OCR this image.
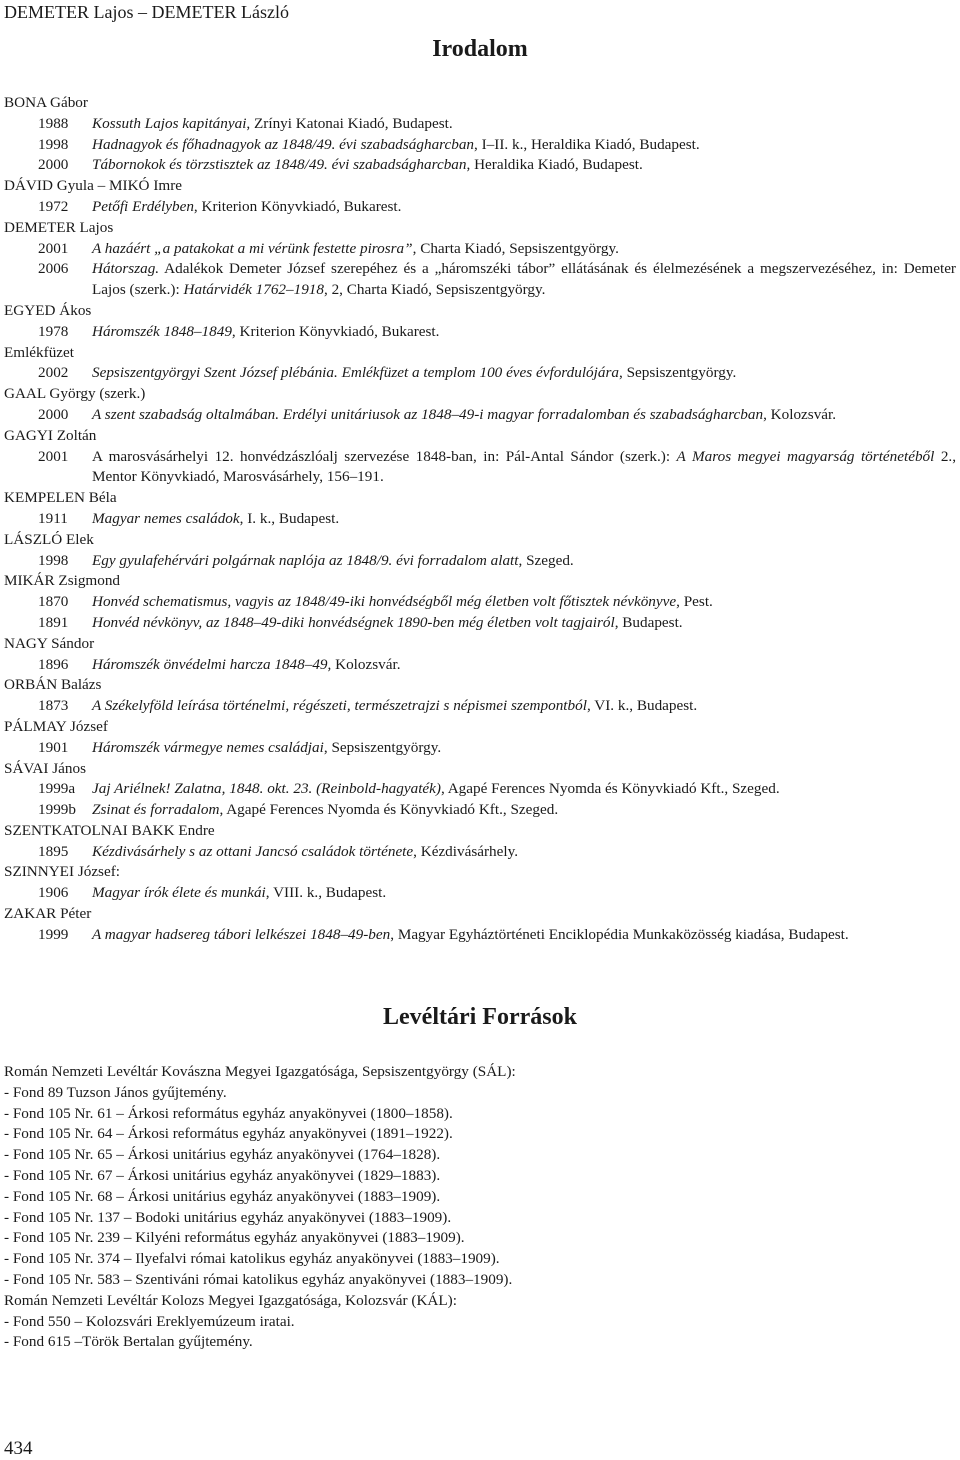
DEMETER Lajos – DEMETER László
Irodalom
BONA Gábor
1988	Kossuth Lajos kapitányai, Zrínyi Katonai Kiadó, Budapest.
1998	Hadnagyok és főhadnagyok az 1848/49. évi szabadságharcban, I–II. k., Heraldika Kiadó, Budapest.
2000	Tábornokok és törzstisztek az 1848/49. évi szabadságharcban, Heraldika Kiadó, Budapest.
DÁVID Gyula – MIKÓ Imre
1972	Petőfi Erdélyben, Kriterion Könyvkiadó, Bukarest.
DEMETER Lajos
2001	A hazáért „a patakokat a mi vérünk festette pirosra”, Charta Kiadó, Sepsiszentgyörgy.
2006	Hátorszag. Adalékok Demeter József szerepéhez és a „háromszéki tábor” ellátásának és élelmezésének a megszervezéséhez, in: Demeter Lajos (szerk.): Határvidék 1762–1918, 2, Charta Kiadó, Sepsiszentgyörgy.
EGYED Ákos
1978	Háromszék 1848–1849, Kriterion Könyvkiadó, Bukarest.
Emlékfüzet
2002	Sepsiszentgyörgyi Szent József plébánia. Emlékfüzet a templom 100 éves évfordulójára, Sepsiszentgyörgy.
GAAL György (szerk.)
2000	A szent szabadság oltalmában. Erdélyi unitáriusok az 1848–49-i magyar forradalomban és szabadságharcban, Kolozsvár.
GAGYI Zoltán
2001	A marosvásárhelyi 12. honvédzászlóalj szervezése 1848-ban, in: Pál-Antal Sándor (szerk.): A Maros megyei magyarság történetéből 2., Mentor Könyvkiadó, Marosvásárhely, 156–191.
KEMPELEN Béla
1911	Magyar nemes családok, I. k., Budapest.
LÁSZLÓ Elek
1998	Egy gyulafehérvári polgárnak naplója az 1848/9. évi forradalom alatt, Szeged.
MIKÁR Zsigmond
1870	Honvéd schematismus, vagyis az 1848/49-iki honvédségből még életben volt főtisztek névkönyve, Pest.
1891	Honvéd névkönyv, az 1848–49-diki honvédségnek 1890-ben még életben volt tagjairól, Budapest.
NAGY Sándor
1896	Háromszék önvédelmi harcza 1848–49, Kolozsvár.
ORBÁN Balázs
1873	A Székelyföld leírása történelmi, régészeti, természetrajzi s népismei szempontból, VI. k., Budapest.
PÁLMAY József
1901	Háromszék vármegye nemes családjai, Sepsiszentgyörgy.
SÁVAI János
1999a	Jaj Ariélnek! Zalatna, 1848. okt. 23. (Reinbold-hagyaték), Agapé Ferences Nyomda és Könyvkiadó Kft., Szeged.
1999b	Zsinat és forradalom, Agapé Ferences Nyomda és Könyvkiadó Kft., Szeged.
SZENTKATOLNAI BAKK Endre
1895	Kézdivásárhely s az ottani Jancsó családok története, Kézdivásárhely.
SZINNYEI József:
1906	Magyar írók élete és munkái, VIII. k., Budapest.
ZAKAR Péter
1999	A magyar hadsereg tábori lelkészei 1848–49-ben, Magyar Egyháztörténeti Enciklopédia Munkaközösség kiadása, Budapest.
Levéltári Források
Román Nemzeti Levéltár Kovászna Megyei Igazgatósága, Sepsiszentgyörgy (SÁL):
- Fond 89 Tuzson János gyűjtemény.
- Fond 105 Nr. 61 – Árkosi református egyház anyakönyvei (1800–1858).
- Fond 105 Nr. 64 – Árkosi református egyház anyakönyvei (1891–1922).
- Fond 105 Nr. 65 – Árkosi unitárius egyház anyakönyvei (1764–1828).
- Fond 105 Nr. 67 – Árkosi unitárius egyház anyakönyvei (1829–1883).
- Fond 105 Nr. 68 – Árkosi unitárius egyház anyakönyvei (1883–1909).
- Fond 105 Nr. 137 – Bodoki unitárius egyház anyakönyvei (1883–1909).
- Fond 105 Nr. 239 – Kilyéni református egyház anyakönyvei (1883–1909).
- Fond 105 Nr. 374 – Ilyefalvi római katolikus egyház anyakönyvei (1883–1909).
- Fond 105 Nr. 583 – Szentiváni római katolikus egyház anyakönyvei (1883–1909).
Román Nemzeti Levéltár Kolozs Megyei Igazgatósága, Kolozsvár (KÁL):
- Fond 550 – Kolozsvári Ereklyemúzeum iratai.
- Fond 615 –Török Bertalan gyűjtemény.
434
